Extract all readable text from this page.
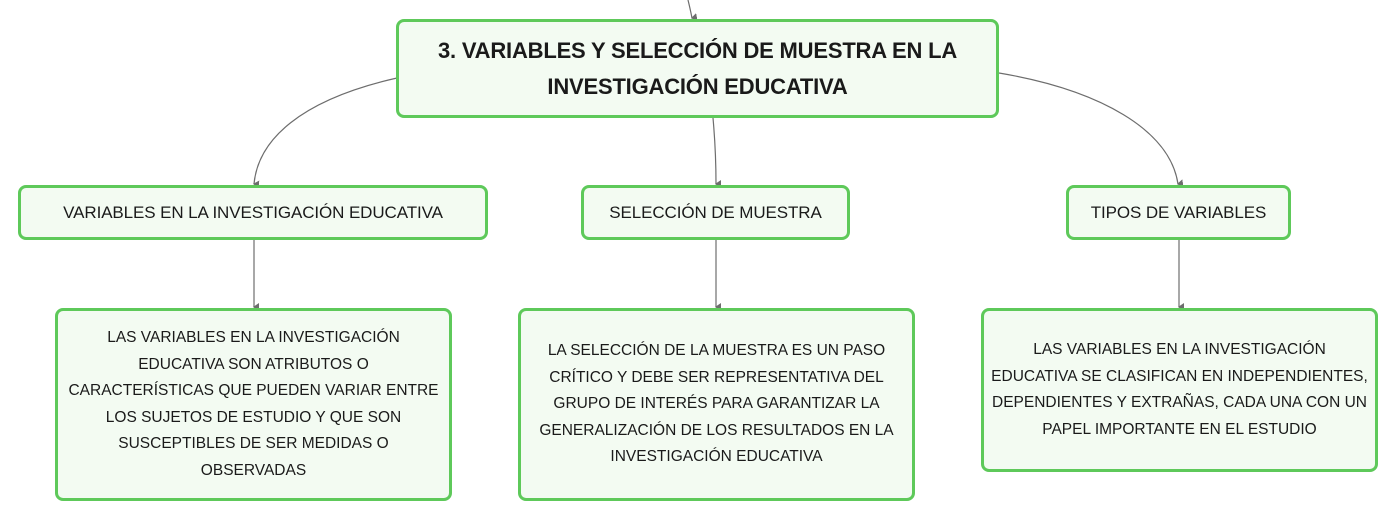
3. VARIABLES Y SELECCIÓN DE MUESTRA EN LA INVESTIGACIÓN EDUCATIVA
VARIABLES EN LA INVESTIGACIÓN EDUCATIVA	SELECCIÓN DE MUESTRA	TIPOS DE VARIABLES
LAS VARIABLES EN LA INVESTIGACIÓN EDUCATIVA SON ATRIBUTOS O CARACTERÍSTICAS QUE PUEDEN VARIAR ENTRE LOS SUJETOS DE ESTUDIO Y QUE SON SUSCEPTIBLES DE SER MEDIDAS O OBSERVADAS
LA SELECCIÓN DE LA MUESTRA ES UN PASO CRÍTICO Y DEBE SER REPRESENTATIVA DEL GRUPO DE INTERÉS PARA GARANTIZAR LA GENERALIZACIÓN DE LOS RESULTADOS EN LA INVESTIGACIÓN EDUCATIVA
LAS VARIABLES EN LA INVESTIGACIÓN EDUCATIVA SE CLASIFICAN EN INDEPENDIENTES, DEPENDIENTES Y EXTRAÑAS, CADA UNA CON UN PAPEL IMPORTANTE EN EL ESTUDIO
